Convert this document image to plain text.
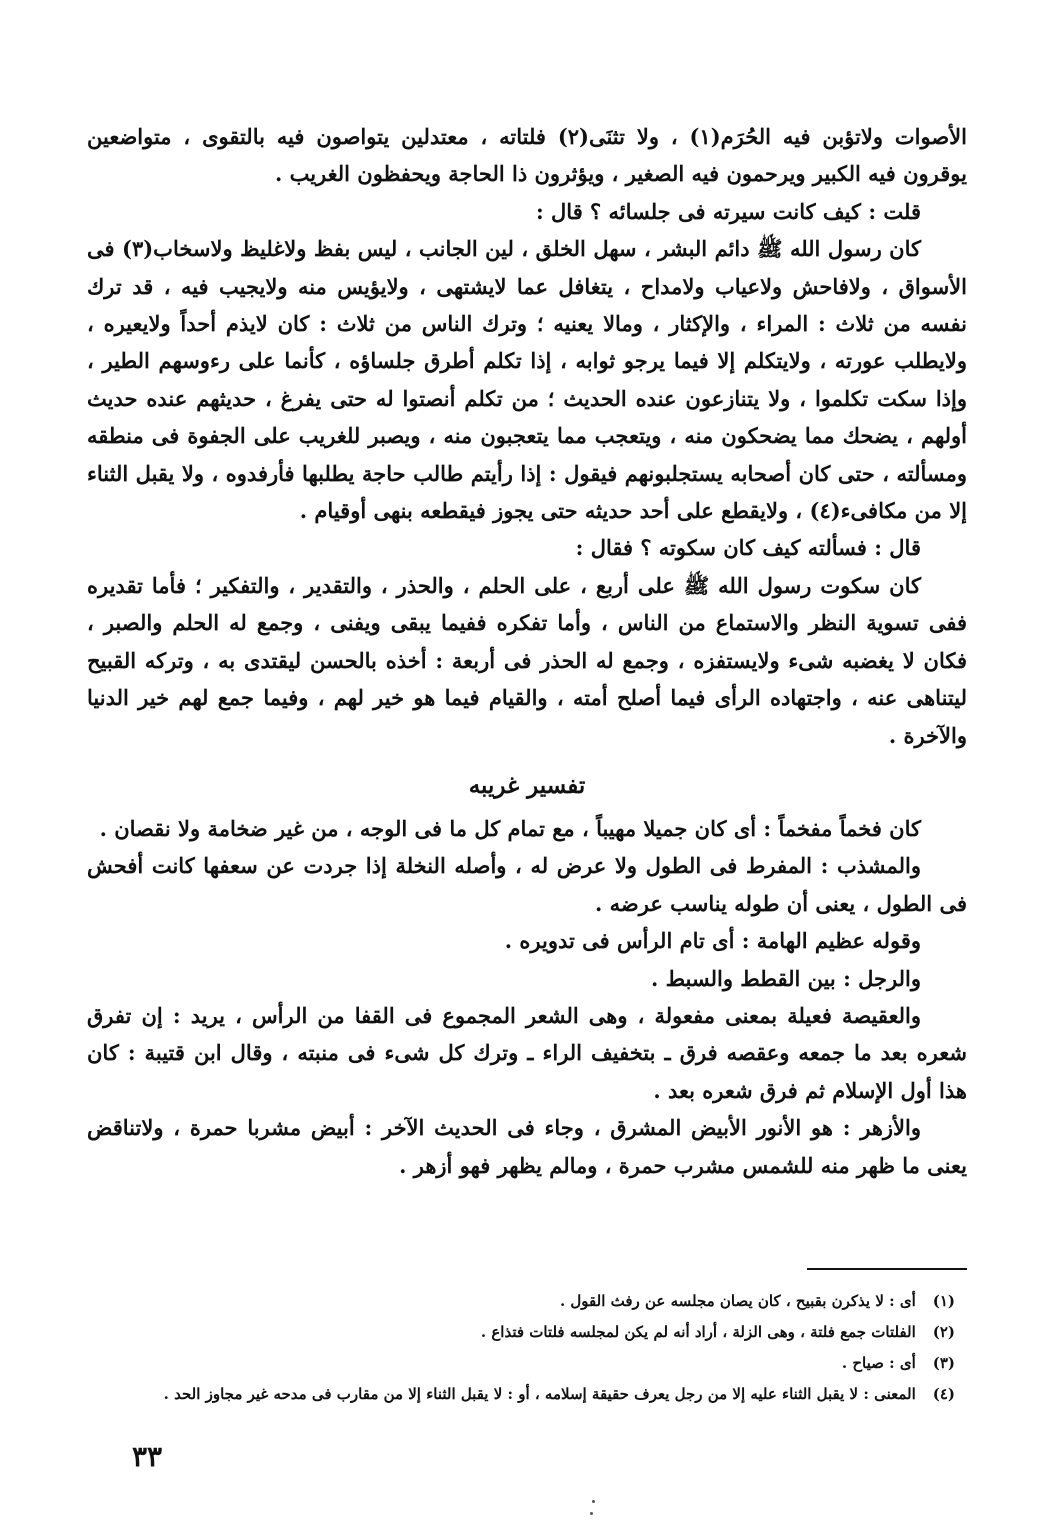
الأصوات ولاتؤبن فيه الحُرَم(١) ، ولا تثنَى(٢) فلتاته ، معتدلين يتواصون فيه بالتقوى ، متواضعين يوقرون فيه الكبير ويرحمون فيه الصغير ، ويؤثرون ذا الحاجة ويحفظون الغريب .

قلت : كيف كانت سيرته فى جلسائه ؟ قال :

كان رسول الله ﷺ دائم البشر ، سهل الخلق ، لين الجانب ، ليس بفظ ولاغليظ ولاسخاب(٣) فى الأسواق ، ولافاحش ولاعياب ولامداح ، يتغافل عما لايشتهى ، ولايؤيس منه ولايجيب فيه ، قد ترك نفسه من ثلاث : المراء ، والإكثار ، ومالا يعنيه ؛ وترك الناس من ثلاث : كان لايذم أحداً ولايعيره ، ولايطلب عورته ، ولايتكلم إلا فيما يرجو ثوابه ، إذا تكلم أطرق جلساؤه ، كأنما على رءوسهم الطير ، وإذا سكت تكلموا ، ولا يتنازعون عنده الحديث ؛ من تكلم أنصتوا له حتى يفرغ ، حديثهم عنده حديث أولهم ، يضحك مما يضحكون منه ، ويتعجب مما يتعجبون منه ، ويصبر للغريب على الجفوة فى منطقه ومسألته ، حتى كان أصحابه يستجلبونهم فيقول : إذا رأيتم طالب حاجة يطلبها فأرفدوه ، ولا يقبل الثناء إلا من مكافىء(٤) ، ولايقطع على أحد حديثه حتى يجوز فيقطعه بنهى أوقيام .

قال : فسألته كيف كان سكوته ؟ فقال :

كان سكوت رسول الله ﷺ على أربع ، على الحلم ، والحذر ، والتقدير ، والتفكير ؛ فأما تقديره ففى تسوية النظر والاستماع من الناس ، وأما تفكره ففيما يبقى ويفنى ، وجمع له الحلم والصبر ، فكان لا يغضبه شىء ولايستفزه ، وجمع له الحذر فى أربعة : أخذه بالحسن ليقتدى به ، وتركه القبيح ليتناهى عنه ، واجتهاده الرأى فيما أصلح أمته ، والقيام فيما هو خير لهم ، وفيما جمع لهم خير الدنيا والآخرة .

تفسير غريبه

كان فخماً مفخماً : أى كان جميلا مهيباً ، مع تمام كل ما فى الوجه ، من غير ضخامة ولا نقصان .

والمشذب : المفرط فى الطول ولا عرض له ، وأصله النخلة إذا جردت عن سعفها كانت أفحش فى الطول ، يعنى أن طوله يناسب عرضه .

وقوله عظيم الهامة : أى تام الرأس فى تدويره .

والرجل : بين القطط والسبط .

والعقيصة فعيلة بمعنى مفعولة ، وهى الشعر المجموع فى القفا من الرأس ، يريد : إن تفرق شعره بعد ما جمعه وعقصه فرق ـ بتخفيف الراء ـ وترك كل شىء فى منبته ، وقال ابن قتيبة : كان هذا أول الإسلام ثم فرق شعره بعد .

والأزهر : هو الأنور الأبيض المشرق ، وجاء فى الحديث الآخر : أبيض مشربا حمرة ، ولاتناقض يعنى ما ظهر منه للشمس مشرب حمرة ، ومالم يظهر فهو أزهر .

(١) أى : لا يذكرن بقبيح ، كان يصان مجلسه عن رفث القول .

(٢) الفلتات جمع فلتة ، وهى الزلة ، أراد أنه لم يكن لمجلسه فلتات فتذاع .

(٣) أى : صياح .

(٤) المعنى : لا يقبل الثناء عليه إلا من رجل يعرف حقيقة إسلامه ، أو : لا يقبل الثناء إلا من مقارب فى مدحه غير مجاوز الحد .

٣٣
